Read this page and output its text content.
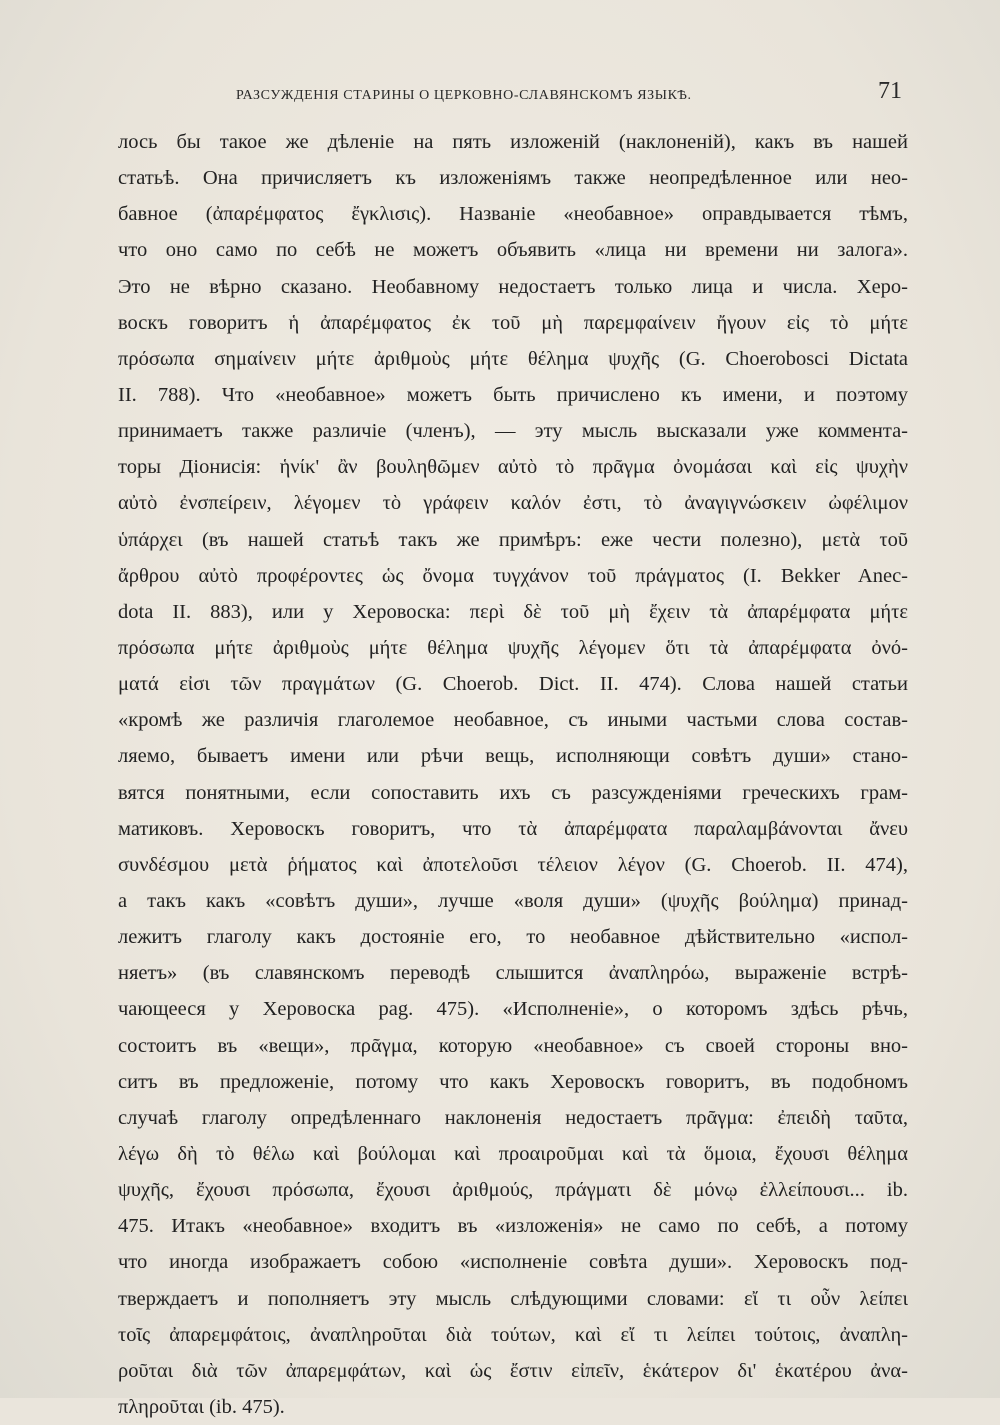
РАЗСУЖДЕНІЯ СТАРИНЫ О ЦЕРКОВНО-СЛАВЯНСКОМЪ ЯЗЫКѢ.	71
лось бы такое же дѣленіе на пять изложеній (наклоненій), какъ въ нашей
статьѣ. Она причисляетъ къ изложеніямъ также неопредѣленное или нео-
бавное (ἀπαρέμφατος ἔγκλισις). Названіе «необавное» оправдывается тѣмъ,
что оно само по себѣ не можетъ объявить «лица ни времени ни залога».
Это не вѣрно сказано. Необавному недостаетъ только лица и числа. Херо-
воскъ говоритъ ἡ ἀπαρέμφατος ἐκ τοῦ μὴ παρεμφαίνειν ἤγουν εἰς τὸ μήτε
πρόσωπα σημαίνειν μήτε ἀριθμοὺς μήτε θέλημα ψυχῆς (G. Choerobosci Dictata
II. 788). Что «необавное» можетъ быть причислено къ имени, и поэтому
принимаетъ также различіе (членъ), — эту мысль высказали уже коммента-
торы Діонисія: ἡνίκ' ἂν βουληθῶμεν αὐτὸ τὸ πρᾶγμα ὀνομάσαι καὶ εἰς ψυχὴν
αὐτὸ ἐνσπείρειν, λέγομεν τὸ γράφειν καλόν ἐστι, τὸ ἀναγιγνώσκειν ὠφέλιμον
ὑπάρχει (въ нашей статьѣ такъ же примѣръ: еже чести полезно), μετὰ τοῦ
ἄρθρου αὐτὸ προφέροντες ὡς ὄνομα τυγχάνον τοῦ πράγματος (I. Bekker Anec-
dota II. 883), или у Херовоска: περὶ δὲ τοῦ μὴ ἔχειν τὰ ἀπαρέμφατα μήτε
πρόσωπα μήτε ἀριθμοὺς μήτε θέλημα ψυχῆς λέγομεν ὅτι τὰ ἀπαρέμφατα ὀνό-
ματά εἰσι τῶν πραγμάτων (G. Choerob. Dict. II. 474). Слова нашей статьи
«кромѣ же различія глаголемое необавное, съ иными частьми слова состав-
ляемо, бываетъ имени или рѣчи вещь, исполняющи совѣтъ души» стано-
вятся понятными, если сопоставить ихъ съ разсужденіями греческихъ грам-
матиковъ. Херовоскъ говоритъ, что τὰ ἀπαρέμφατα παραλαμβάνονται ἄνευ
συνδέσμου μετὰ ῥήματος καὶ ἀποτελοῦσι τέλειον λέγον (G. Choerob. II. 474),
а такъ какъ «совѣтъ души», лучше «воля души» (ψυχῆς βούλημα) принад-
лежитъ глаголу какъ достояніе его, то необавное дѣйствительно «испол-
няетъ» (въ славянскомъ переводѣ слышится ἀναπληρόω, выраженіе встрѣ-
чающееся у Херовоска pag. 475). «Исполненіе», о которомъ здѣсь рѣчь,
состоитъ въ «вещи», πρᾶγμα, которую «необавное» съ своей стороны вно-
ситъ въ предложеніе, потому что какъ Херовоскъ говоритъ, въ подобномъ
случаѣ глаголу опредѣленнаго наклоненія недостаетъ πρᾶγμα: ἐπειδὴ ταῦτα,
λέγω δὴ τὸ θέλω καὶ βούλομαι καὶ προαιροῦμαι καὶ τὰ ὅμοια, ἔχουσι θέλημα
ψυχῆς, ἔχουσι πρόσωπα, ἔχουσι ἀριθμούς, πράγματι δὲ μόνῳ ἐλλείπουσι... ib.
475. Итакъ «необавное» входитъ въ «изложенія» не само по себѣ, а потому
что иногда изображаетъ собою «исполненіе совѣта души». Херовоскъ под-
тверждаетъ и пополняетъ эту мысль слѣдующими словами: εἴ τι οὖν λείπει
τοῖς ἀπαρεμφάτοις, ἀναπληροῦται διὰ τούτων, καὶ εἴ τι λείπει τούτοις, ἀναπλη-
ροῦται διὰ τῶν ἀπαρεμφάτων, καὶ ὡς ἔστιν εἰπεῖν, ἑκάτερον δι' ἑκατέρου ἀνα-
πληροῦται (ib. 475).
